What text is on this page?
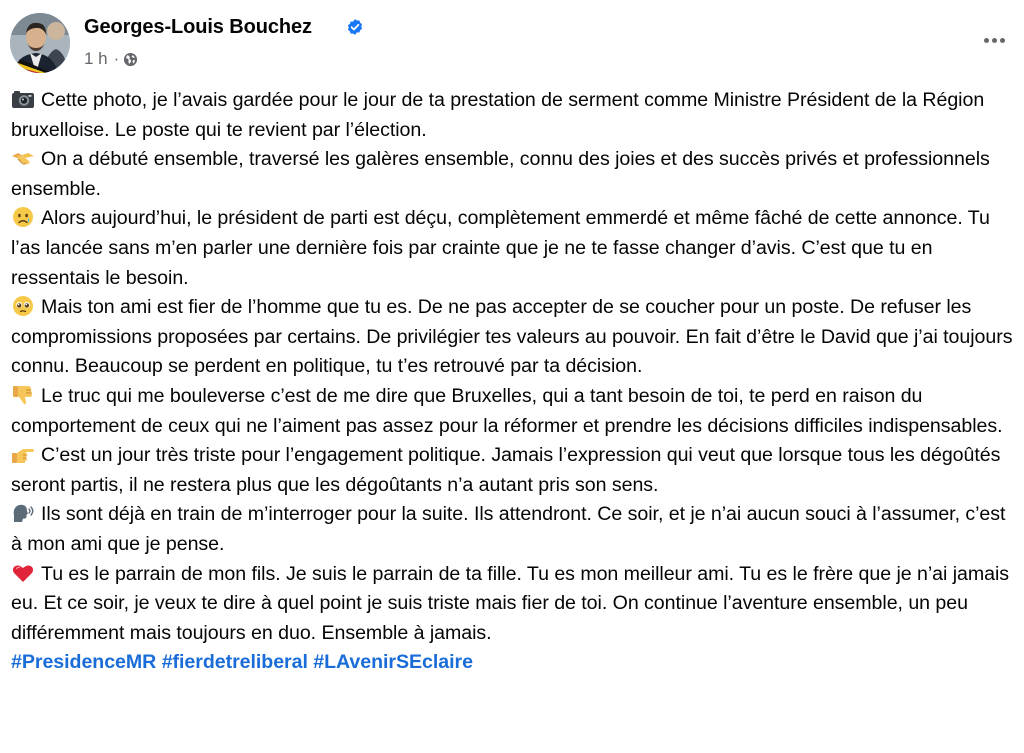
Georges-Louis Bouchez
1 h ·

Cette photo, je l’avais gardée pour le jour de ta prestation de serment comme Ministre Président de la Région bruxelloise. Le poste qui te revient par l’élection.

On a débuté ensemble, traversé les galères ensemble, connu des joies et des succès privés et professionnels ensemble.

Alors aujourd’hui, le président de parti est déçu, complètement emmerdé et même fâché de cette annonce. Tu l’as lancée sans m’en parler une dernière fois par crainte que je ne te fasse changer d’avis. C’est que tu en ressentais le besoin.

Mais ton ami est fier de l’homme que tu es. De ne pas accepter de se coucher pour un poste. De refuser les compromissions proposées par certains. De privilégier tes valeurs au pouvoir. En fait d’être le David que j’ai toujours connu. Beaucoup se perdent en politique, tu t’es retrouvé par ta décision.

Le truc qui me bouleverse c’est de me dire que Bruxelles, qui a tant besoin de toi, te perd en raison du comportement de ceux qui ne l’aiment pas assez pour la réformer et prendre les décisions difficiles indispensables.

C’est un jour très triste pour l’engagement politique. Jamais l’expression qui veut que lorsque tous les dégoûtés seront partis, il ne restera plus que les dégoûtants n’a autant pris son sens.

Ils sont déjà en train de m’interroger pour la suite. Ils attendront. Ce soir, et je n’ai aucun souci à l’assumer, c’est à mon ami que je pense.

Tu es le parrain de mon fils. Je suis le parrain de ta fille. Tu es mon meilleur ami. Tu es le frère que je n’ai jamais eu. Et ce soir, je veux te dire à quel point je suis triste mais fier de toi. On continue l’aventure ensemble, un peu différemment mais toujours en duo. Ensemble à jamais.

#PresidenceMR #fierdetreliberal #LAvenirSEclaire
